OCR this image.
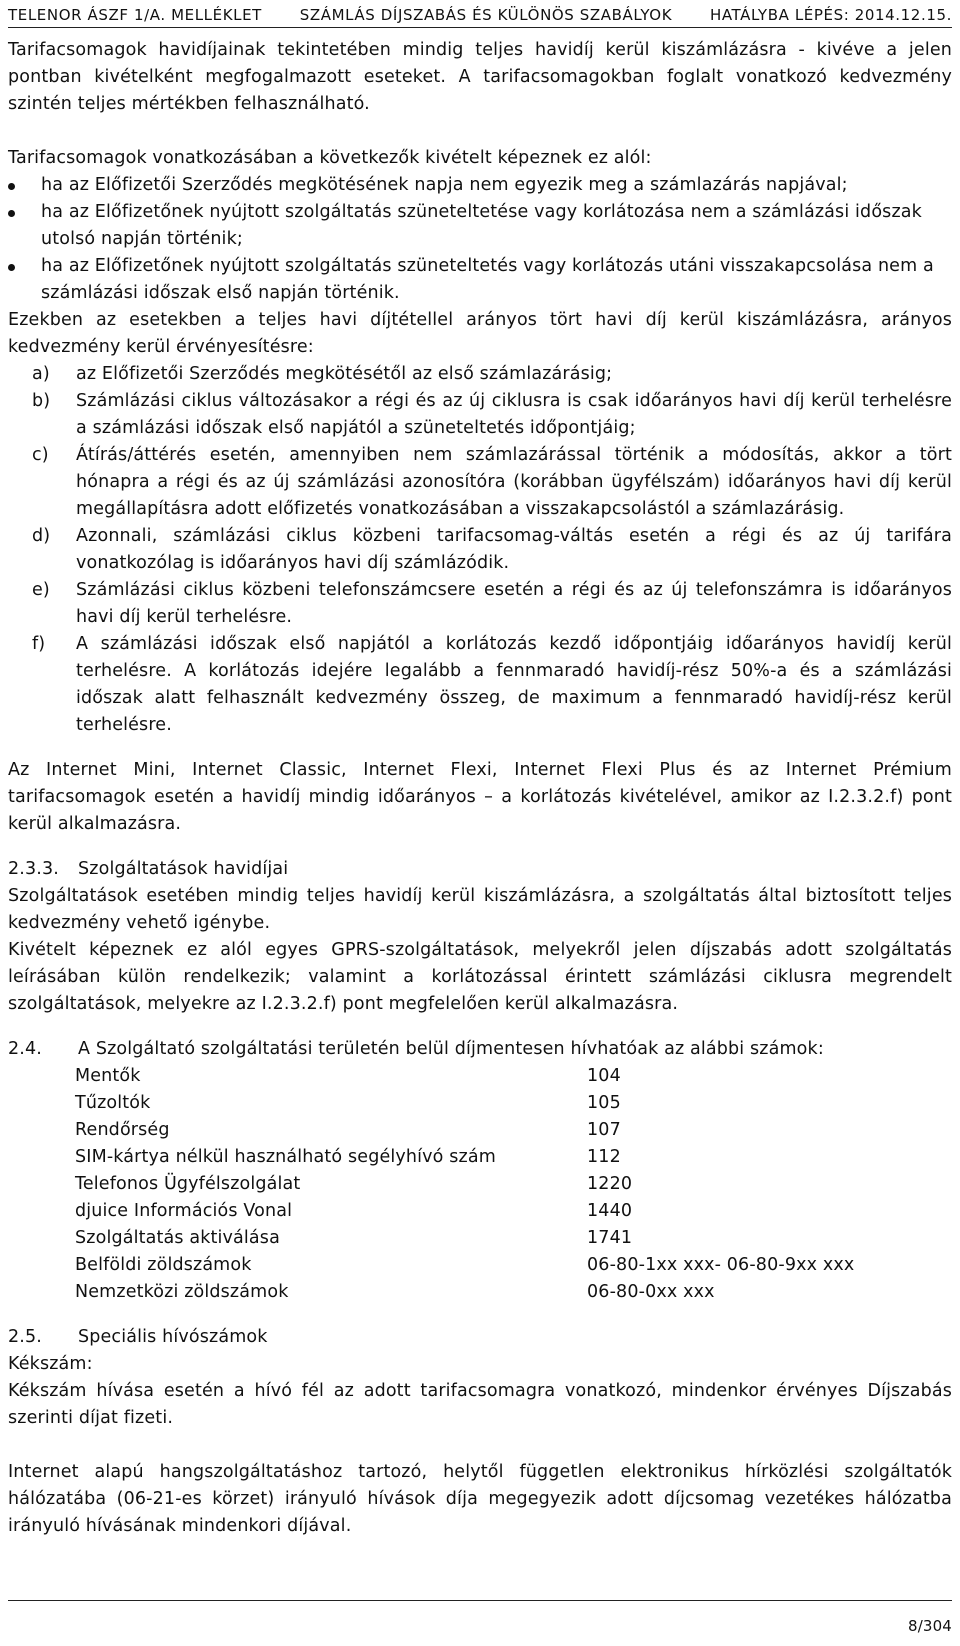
TELENOR ÁSZF 1/A. MELLÉKLET	SZÁMLÁS DÍJSZABÁS ÉS KÜLÖNÖS SZABÁLYOK	HATÁLYBA LÉPÉS: 2014.12.15.

Tarifacsomagok havidíjainak tekintetében mindig teljes havidíj kerül kiszámlázásra - kivéve a jelen pontban kivételként megfogalmazott eseteket. A tarifacsomagokban foglalt vonatkozó kedvezmény szintén teljes mértékben felhasználható.

Tarifacsomagok vonatkozásában a következők kivételt képeznek ez alól:

ha az Előfizetői Szerződés megkötésének napja nem egyezik meg a számlazárás napjával;
ha az Előfizetőnek nyújtott szolgáltatás szüneteltetése vagy korlátozása nem a számlázási időszak utolsó napján történik;
ha az Előfizetőnek nyújtott szolgáltatás szüneteltetés vagy korlátozás utáni visszakapcsolása nem a számlázási időszak első napján történik.

Ezekben az esetekben a teljes havi díjtétellel arányos tört havi díj kerül kiszámlázásra, arányos kedvezmény kerül érvényesítésre:

a) az Előfizetői Szerződés megkötésétől az első számlazárásig;
b) Számlázási ciklus változásakor a régi és az új ciklusra is csak időarányos havi díj kerül terhelésre a számlázási időszak első napjától a szüneteltetés időpontjáig;
c) Átírás/áttérés esetén, amennyiben nem számlazárással történik a módosítás, akkor a tört hónapra a régi és az új számlázási azonosítóra (korábban ügyfélszám) időarányos havi díj kerül megállapításra adott előfizetés vonatkozásában a visszakapcsolástól a számlazárásig.
d) Azonnali, számlázási ciklus közbeni tarifacsomag-váltás esetén a régi és az új tarifára vonatkozólag is időarányos havi díj számlázódik.
e) Számlázási ciklus közbeni telefonszámcsere esetén a régi és az új telefonszámra is időarányos havi díj kerül terhelésre.
f) A számlázási időszak első napjától a korlátozás kezdő időpontjáig időarányos havidíj kerül terhelésre. A korlátozás idejére legalább a fennmaradó havidíj-rész 50%-a és a számlázási időszak alatt felhasznált kedvezmény összeg, de maximum a fennmaradó havidíj-rész kerül terhelésre.

Az Internet Mini, Internet Classic, Internet Flexi, Internet Flexi Plus és az Internet Prémium tarifacsomagok esetén a havidíj mindig időarányos – a korlátozás kivételével, amikor az I.2.3.2.f) pont kerül alkalmazásra.

2.3.3.	Szolgáltatások havidíjai

Szolgáltatások esetében mindig teljes havidíj kerül kiszámlázásra, a szolgáltatás által biztosított teljes kedvezmény vehető igénybe.

Kivételt képeznek ez alól egyes GPRS-szolgáltatások, melyekről jelen díjszabás adott szolgáltatás leírásában külön rendelkezik; valamint a korlátozással érintett számlázási ciklusra megrendelt szolgáltatások, melyekre az I.2.3.2.f) pont megfelelően kerül alkalmazásra.

2.4.	A Szolgáltató szolgáltatási területén belül díjmentesen hívhatóak az alábbi számok:
Mentők	104
Tűzoltók	105
Rendőrség	107
SIM-kártya nélkül használható segélyhívó szám	112
Telefonos Ügyfélszolgálat	1220
djuice Információs Vonal	1440
Szolgáltatás aktiválása	1741
Belföldi zöldszámok	06-80-1xx xxx- 06-80-9xx xxx
Nemzetközi zöldszámok	06-80-0xx xxx
2.5.	Speciális hívószámok

Kékszám:

Kékszám hívása esetén a hívó fél az adott tarifacsomagra vonatkozó, mindenkor érvényes Díjszabás szerinti díjat fizeti.

Internet alapú hangszolgáltatáshoz tartozó, helytől független elektronikus hírközlési szolgáltatók hálózatába (06-21-es körzet) irányuló hívások díja megegyezik adott díjcsomag vezetékes hálózatba irányuló hívásának mindenkori díjával.

8/304
